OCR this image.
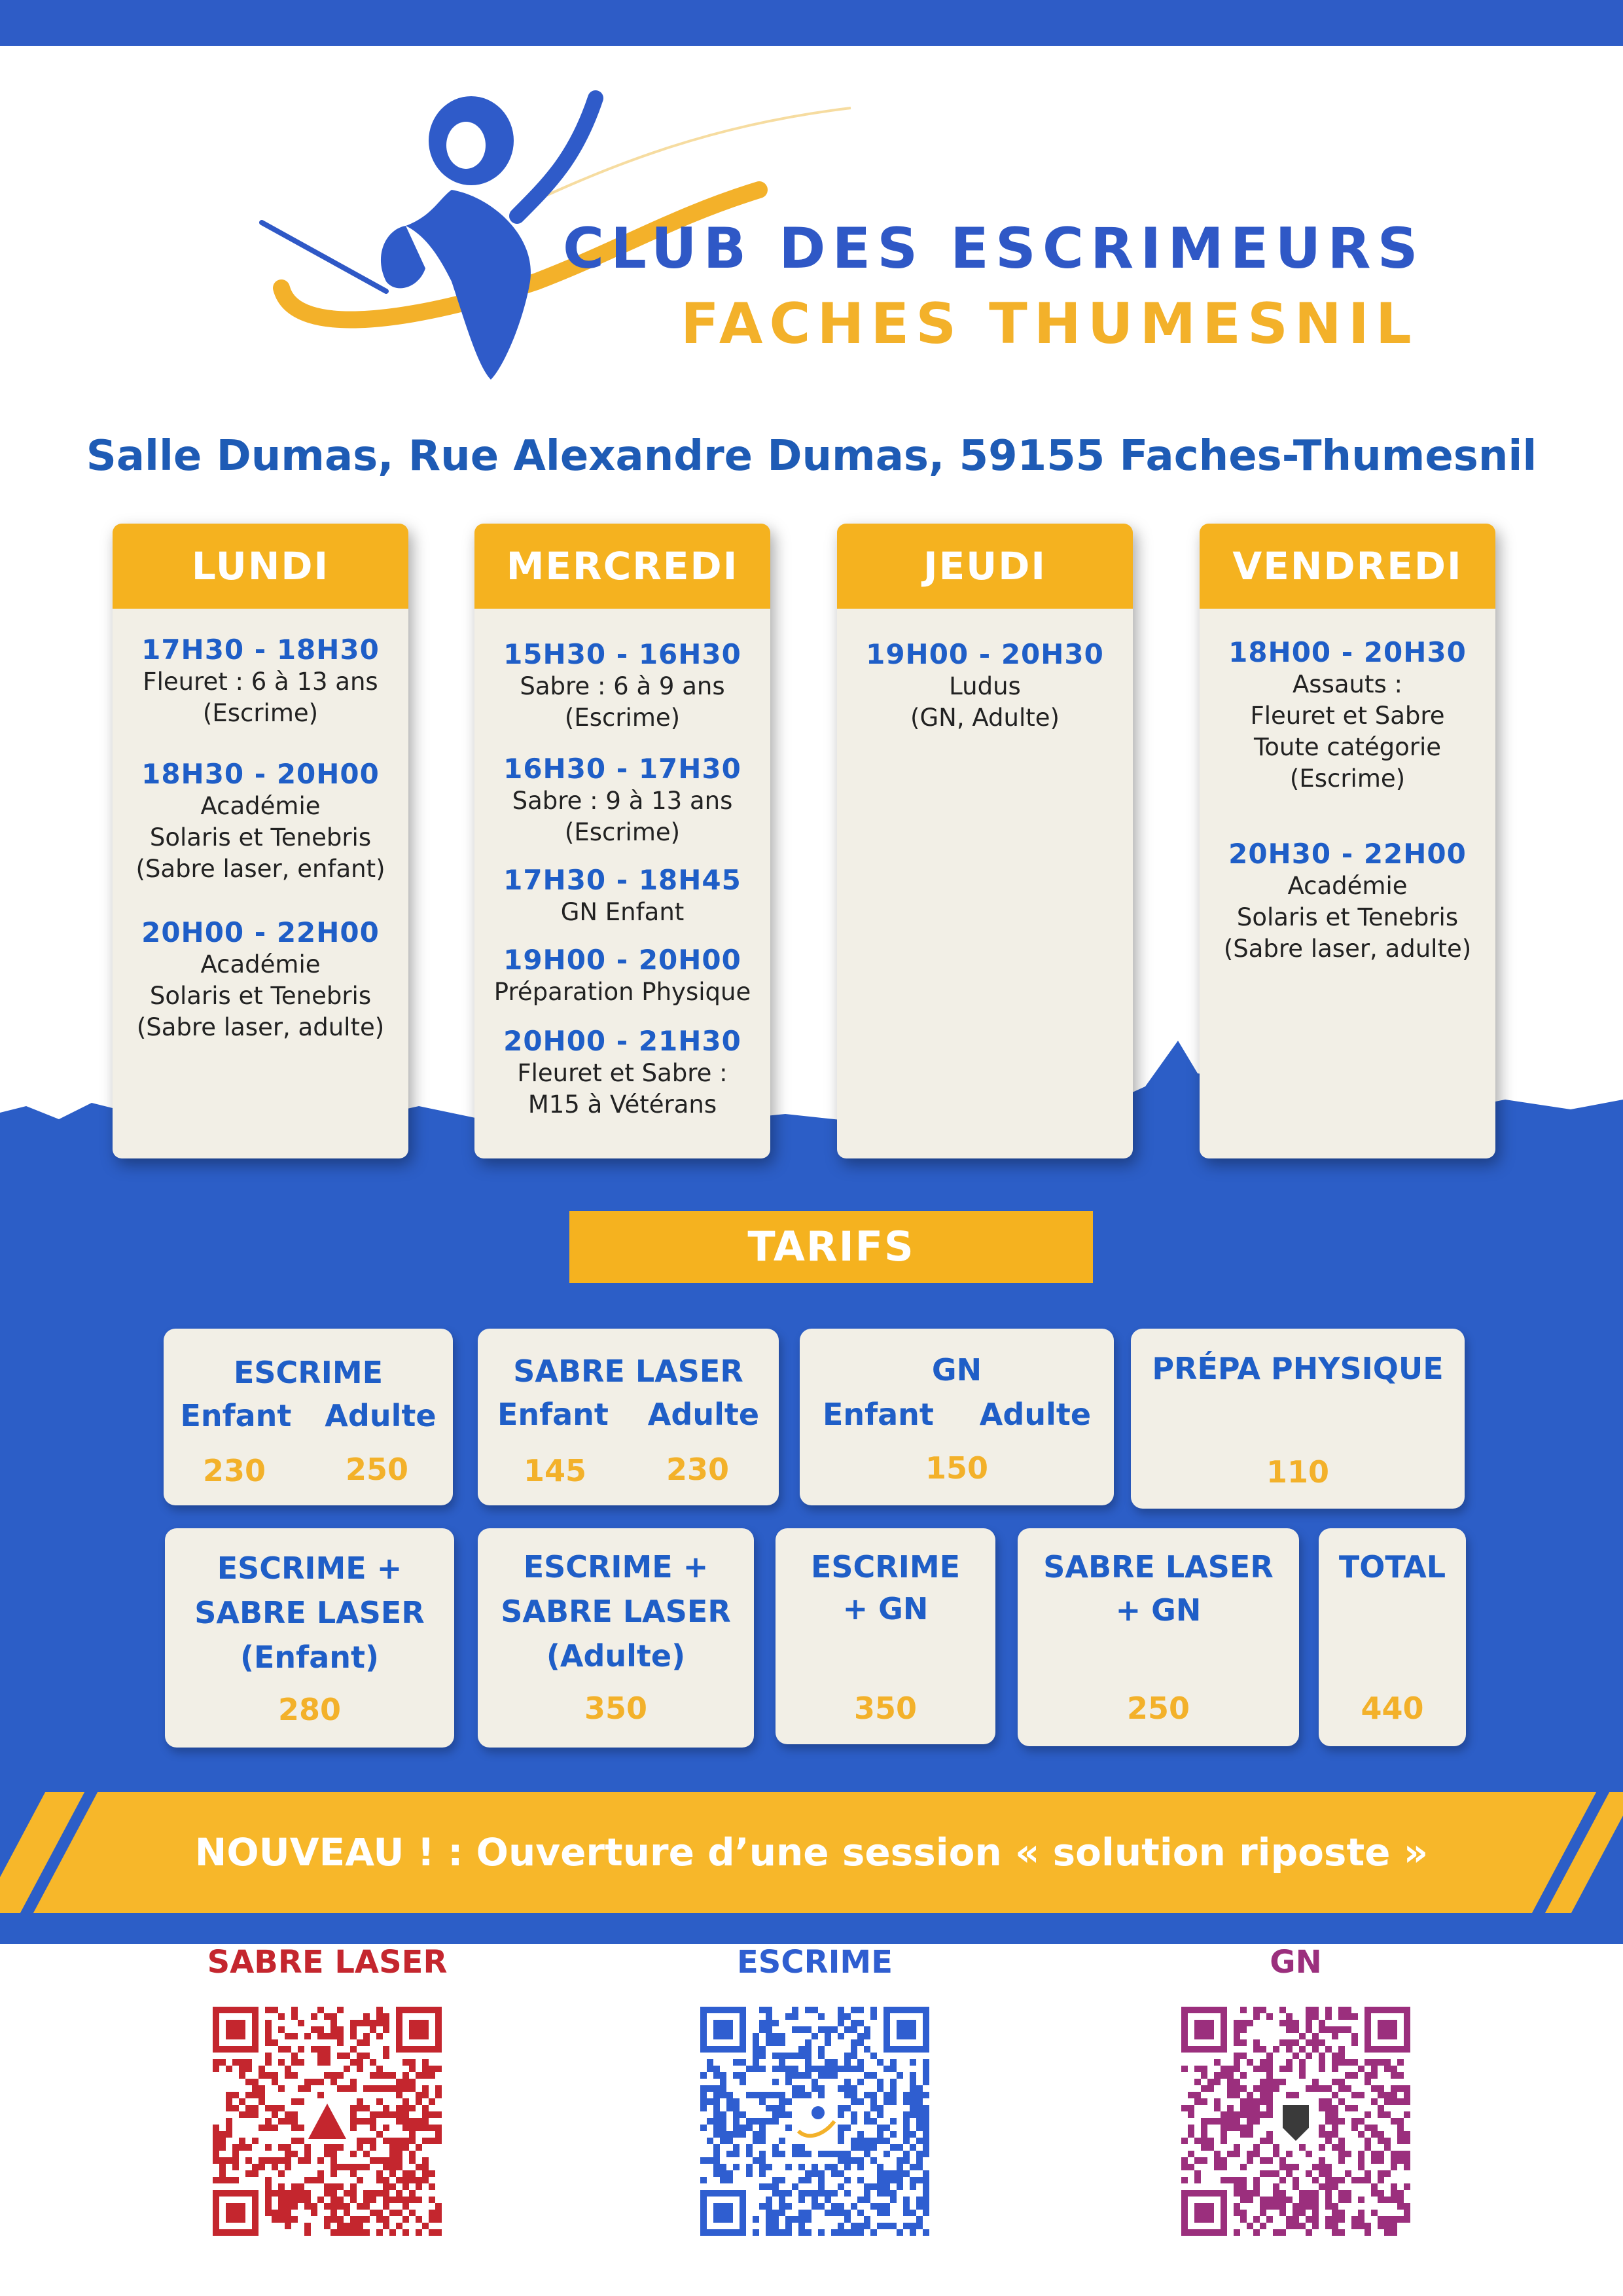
CLUB DES ESCRIMEURS
FACHES THUMESNIL
Salle Dumas, Rue Alexandre Dumas, 59155 Faches-Thumesnil
LUNDI
17H30 - 18H30
Fleuret : 6 à 13 ans
(Escrime)
18H30 - 20H00
Académie
Solaris et Tenebris
(Sabre laser, enfant)
20H00 - 22H00
Académie
Solaris et Tenebris
(Sabre laser, adulte)
MERCREDI
15H30 - 16H30
Sabre : 6 à 9 ans
(Escrime)
16H30 - 17H30
Sabre : 9 à 13 ans
(Escrime)
17H30 - 18H45
GN Enfant
19H00 - 20H00
Préparation Physique
20H00 - 21H30
Fleuret et Sabre :
M15 à Vétérans
JEUDI
19H00 - 20H30
Ludus
(GN, Adulte)
VENDREDI
18H00 - 20H30
Assauts :
Fleuret et Sabre
Toute catégorie
(Escrime)
20H30 - 22H00
Académie
Solaris et Tenebris
(Sabre laser, adulte)
TARIFS
ESCRIME
Enfant Adulte
230	250
SABRE LASER
Enfant Adulte
145	230
GN
Enfant Adulte
150
PRÉPA PHYSIQUE
110
ESCRIME +
SABRE LASER
(Enfant)
280
ESCRIME +
SABRE LASER
(Adulte)
350
ESCRIME
+ GN
350
SABRE LASER
+ GN
250
TOTAL
440
NOUVEAU ! : Ouverture d’une session « solution riposte »
SABRE LASER	ESCRIME	GN
